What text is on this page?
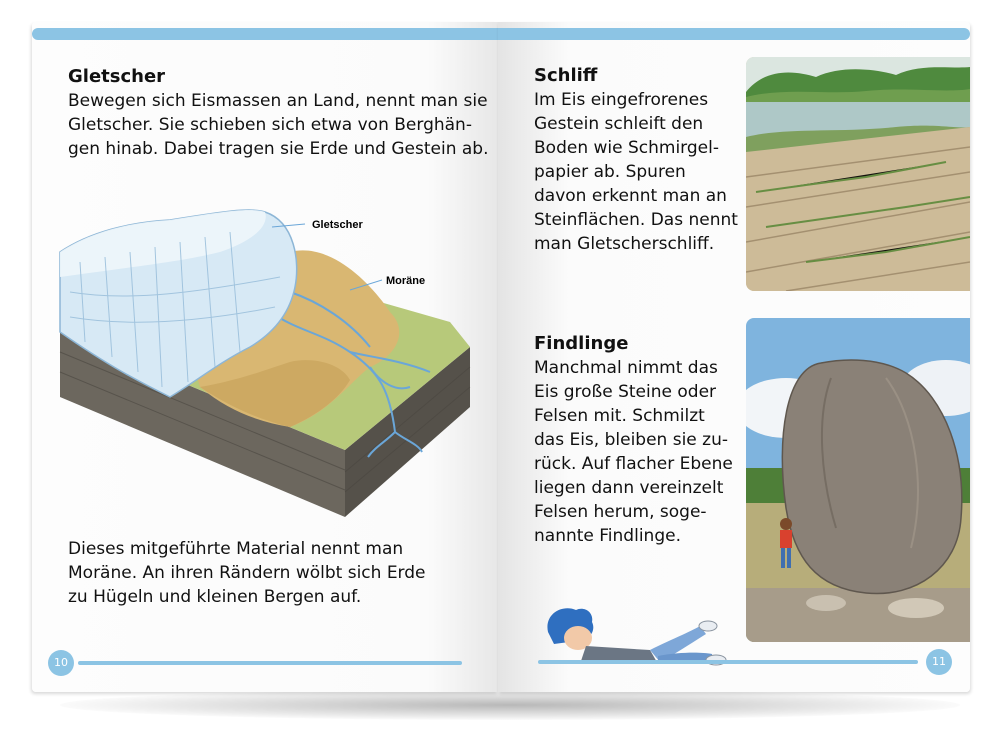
Gletscher
Bewegen sich Eismassen an Land, nennt man sie
Gletscher. Sie schieben sich etwa von Berghän-
gen hinab. Dabei tragen sie Erde und Gestein ab.
Gletscher
Moräne
Dieses mitgeführte Material nennt man
Moräne. An ihren Rändern wölbt sich Erde
zu Hügeln und kleinen Bergen auf.
10
Schliff
Im Eis eingefrorenes
Gestein schleift den
Boden wie Schmirgel-
papier ab. Spuren
davon erkennt man an
Steinflächen. Das nennt
man Gletscherschliff.
Findlinge
Manchmal nimmt das
Eis große Steine oder
Felsen mit. Schmilzt
das Eis, bleiben sie zu-
rück. Auf flacher Ebene
liegen dann vereinzelt
Felsen herum, soge-
nannte Findlinge.
11
